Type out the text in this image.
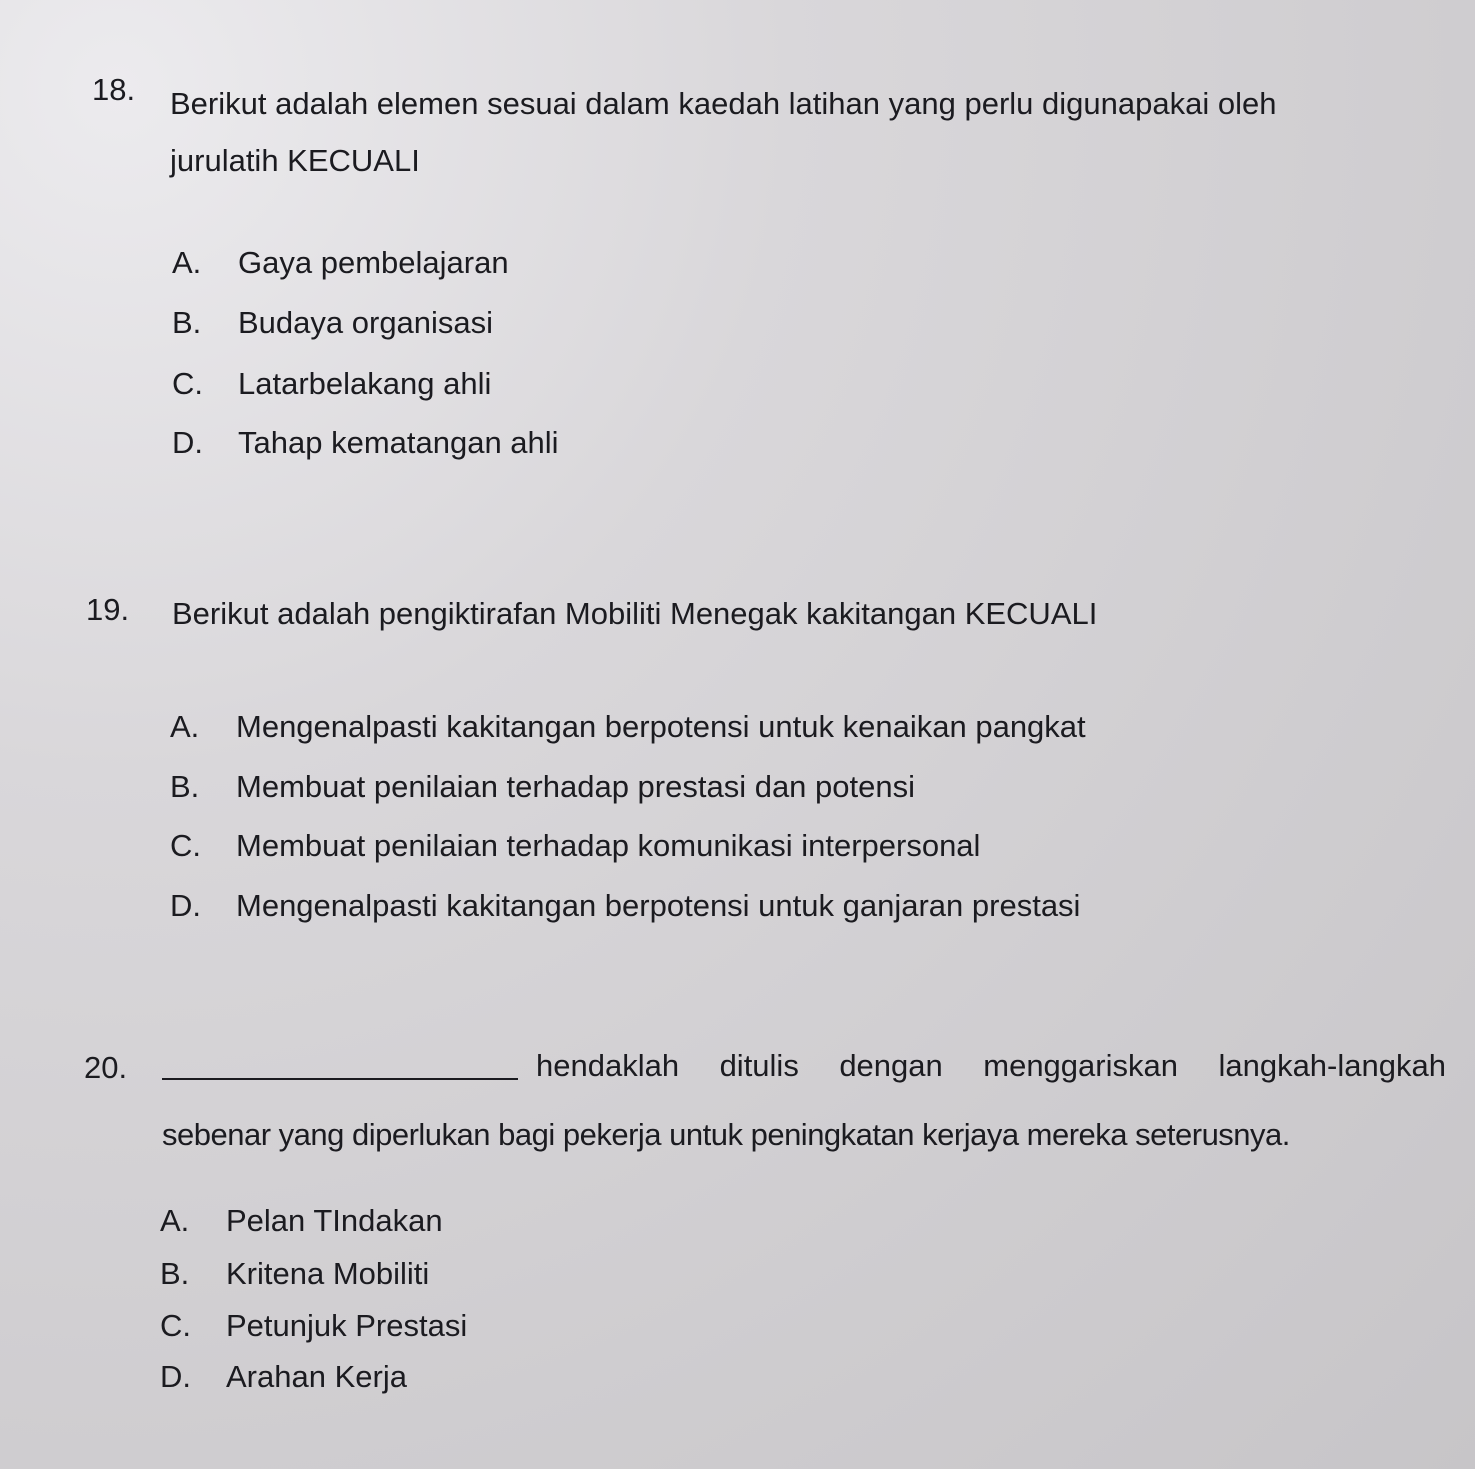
18. Berikut adalah elemen sesuai dalam kaedah latihan yang perlu digunapakai oleh
jurulatih KECUALI
A. Gaya pembelajaran
B. Budaya organisasi
C. Latarbelakang ahli
D. Tahap kematangan ahli
19. Berikut adalah pengiktirafan Mobiliti Menegak kakitangan KECUALI
A. Mengenalpasti kakitangan berpotensi untuk kenaikan pangkat
B. Membuat penilaian terhadap prestasi dan potensi
C. Membuat penilaian terhadap komunikasi interpersonal
D. Mengenalpasti kakitangan berpotensi untuk ganjaran prestasi
20.	hendaklah ditulis dengan menggariskan langkah-langkah
sebenar yang diperlukan bagi pekerja untuk peningkatan kerjaya mereka seterusnya.
A. Pelan TIndakan
B. Kritena Mobiliti
C. Petunjuk Prestasi
D. Arahan Kerja
